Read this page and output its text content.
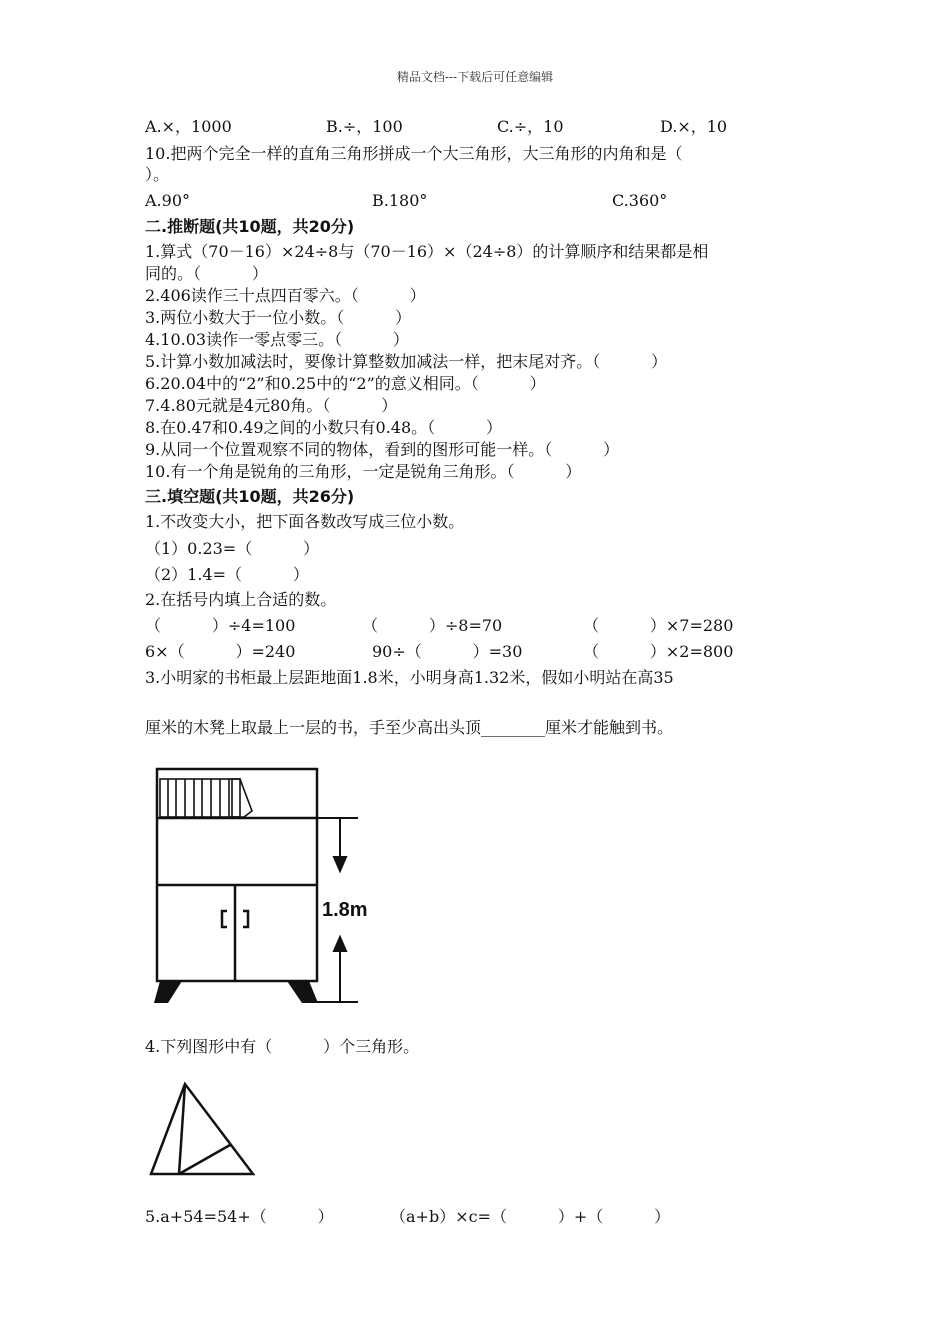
精品文档---下载后可任意编辑
A.×，1000	B.÷，100	C.÷，10	D.×，10
10.把两个完全一样的直角三角形拼成一个大三角形，大三角形的内角和是（
）。
A.90°	B.180°	C.360°
二.推断题(共10题，共20分)
1.算式（70－16）×24÷8与（70－16）×（24÷8）的计算顺序和结果都是相
同的。（          ）
2.406读作三十点四百零六。（          ）
3.两位小数大于一位小数。（          ）
4.10.03读作一零点零三。（          ）
5.计算小数加减法时，要像计算整数加减法一样，把末尾对齐。（          ）
6.20.04中的“2”和0.25中的“2”的意义相同。（          ）
7.4.80元就是4元80角。（          ）
8.在0.47和0.49之间的小数只有0.48。（          ）
9.从同一个位置观察不同的物体，看到的图形可能一样。（          ）
10.有一个角是锐角的三角形，一定是锐角三角形。（          ）
三.填空题(共10题，共26分)
1.不改变大小，把下面各数改写成三位小数。
（1）0.23=（          ）
（2）1.4=（          ）
2.在括号内填上合适的数。
（          ）÷4=100	（          ）÷8=70	（          ）×7=280
6×（          ）=240	90÷（          ）=30	（          ）×2=800
3.小明家的书柜最上层距地面1.8米，小明身高1.32米，假如小明站在高35
厘米的木凳上取最上一层的书，手至少高出头顶________厘米才能触到书。
1.8m
4.下列图形中有（          ）个三角形。
5.a+54=54+（          ）	（a+b）×c=（          ）+（          ）
